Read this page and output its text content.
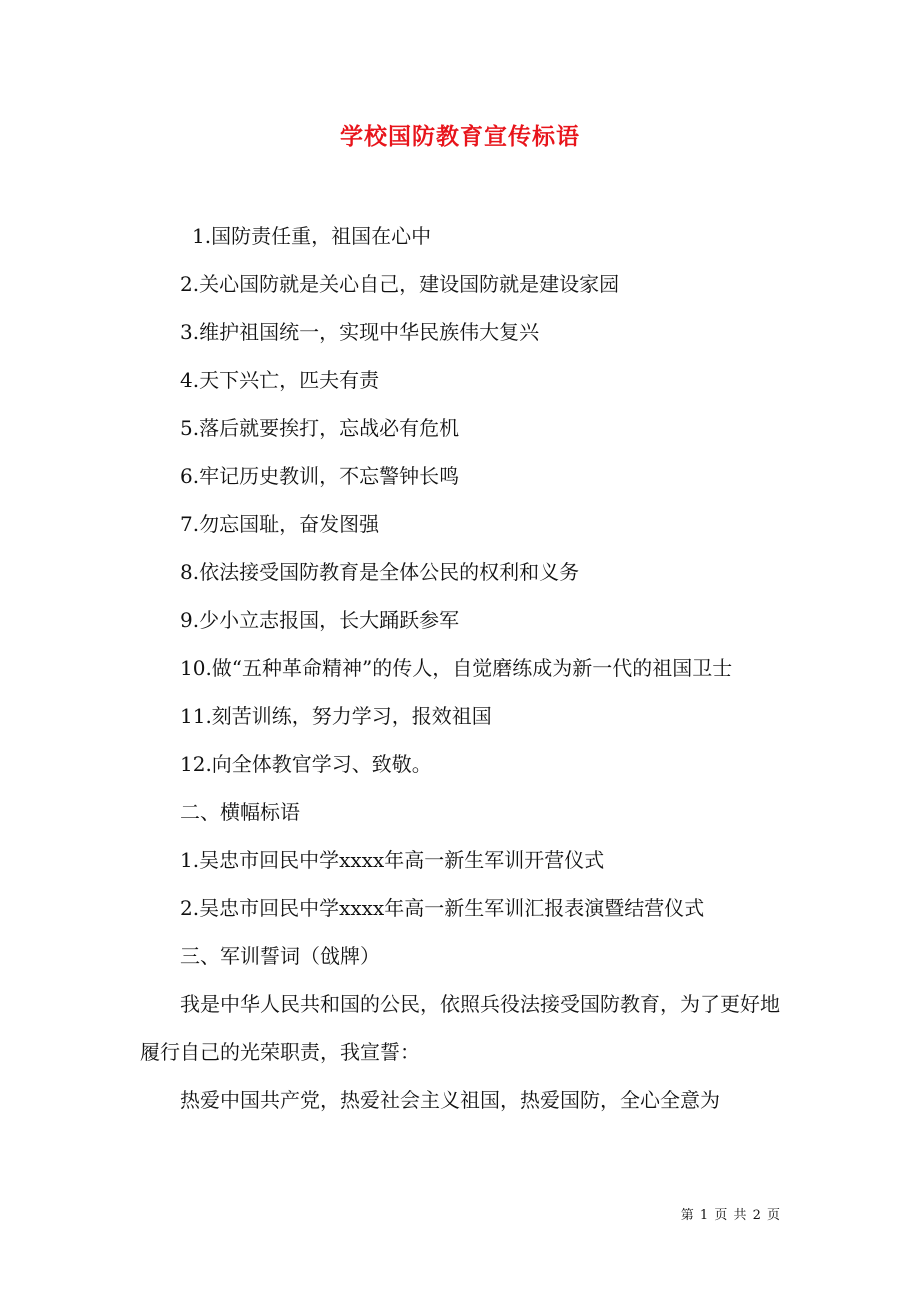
学校国防教育宣传标语

1.国防责任重，祖国在心中

2.关心国防就是关心自己，建设国防就是建设家园

3.维护祖国统一，实现中华民族伟大复兴

4.天下兴亡，匹夫有责

5.落后就要挨打，忘战必有危机

6.牢记历史教训，不忘警钟长鸣

7.勿忘国耻，奋发图强

8.依法接受国防教育是全体公民的权利和义务

9.少小立志报国，长大踊跃参军

10.做“五种革命精神”的传人，自觉磨练成为新一代的祖国卫士

11.刻苦训练，努力学习，报效祖国

12.向全体教官学习、致敬。

二、横幅标语

1.吴忠市回民中学xxxx年高一新生军训开营仪式

2.吴忠市回民中学xxxx年高一新生军训汇报表演暨结营仪式

三、军训誓词（戗牌）

我是中华人民共和国的公民，依照兵役法接受国防教育，为了更好地履行自己的光荣职责，我宣誓：

热爱中国共产党，热爱社会主义祖国，热爱国防，全心全意为

第 1 页 共 2 页
